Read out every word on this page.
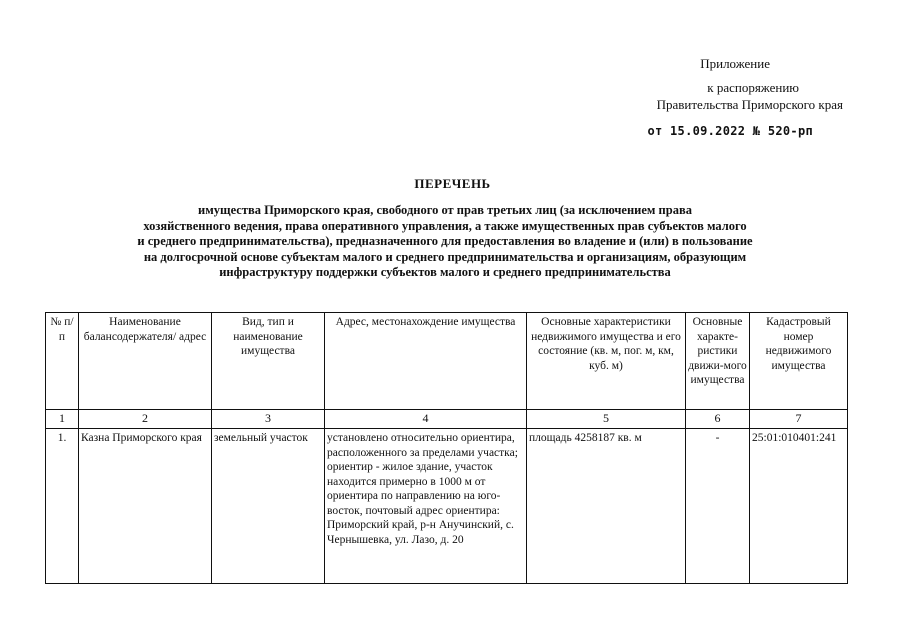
Приложение
к распоряжению
Правительства Приморского края
от 15.09.2022 № 520-рп
ПЕРЕЧЕНЬ
имущества Приморского края, свободного от прав третьих лиц (за исключением права
хозяйственного ведения, права оперативного управления, а также имущественных прав субъектов малого
и среднего предпринимательства), предназначенного для предоставления во владение и (или) в пользование
на долгосрочной основе субъектам малого и среднего предпринимательства и организациям, образующим
инфраструктуру поддержки субъектов малого и среднего предпринимательства
№ п/п	Наименование балансодержателя/ адрес	Вид, тип и наименование имущества	Адрес, местонахождение имущества	Основные характеристики недвижимого имущества и его состояние (кв. м, пог. м, км, куб. м)	Основные характе-ристики движи-мого имущества	Кадастровый номер недвижимого имущества
1	2	3	4	5	6	7
1.	Казна Приморского края	земельный участок	установлено относительно ориентира, расположенного за пределами участка; ориентир - жилое здание, участок находится примерно в 1000 м от ориентира по направлению на юго-восток, почтовый адрес ориентира: Приморский край, р-н Анучинский, с. Чернышевка, ул. Лазо, д. 20	площадь 4258187 кв. м	-	25:01:010401:241
